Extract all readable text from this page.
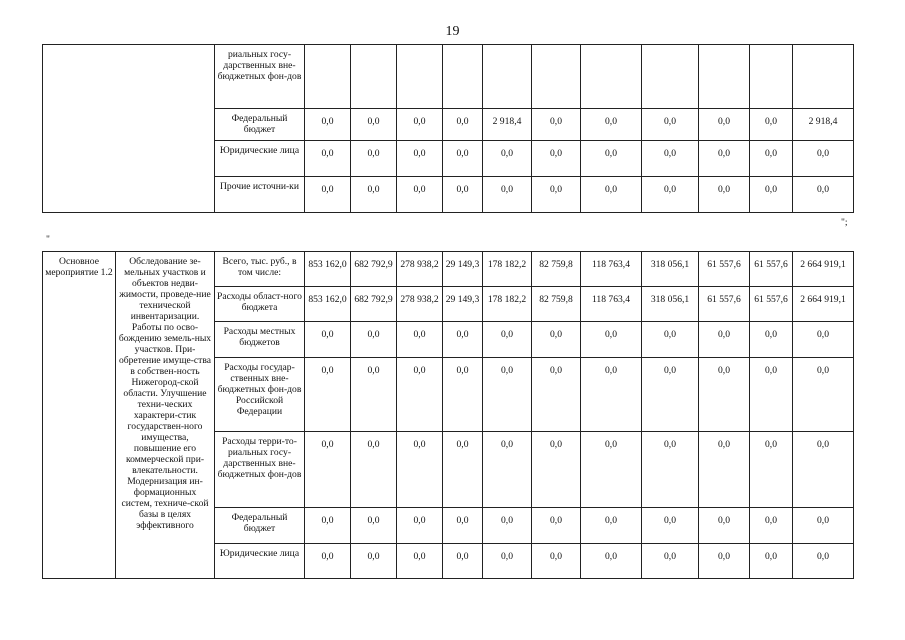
19
	риальных госу-дарственных вне-бюджетных фон-дов											
	Федеральный бюджет	0,0	0,0	0,0	0,0	2 918,4	0,0	0,0	0,0	0,0	0,0	2 918,4
	Юридические лица	0,0	0,0	0,0	0,0	0,0	0,0	0,0	0,0	0,0	0,0	0,0
	Прочие источни-ки	0,0	0,0	0,0	0,0	0,0	0,0	0,0	0,0	0,0	0,0	0,0
";
"
Основное мероприятие 1.2	Обследование зе-мельных участков и объектов недви-жимости, проведе-ние технической инвентаризации. Работы по осво-бождению земель-ных участков. При-обретение имуще-ства в собствен-ность Нижегород-ской области. Улучшение техни-ческих характери-стик государствен-ного имущества, повышение его коммерческой при-влекательности. Модернизация ин-формационных систем, техниче-ской базы в целях эффективного	Всего, тыс. руб., в том числе:	853 162,0	682 792,9	278 938,2	29 149,3	178 182,2	82 759,8	118 763,4	318 056,1	61 557,6	61 557,6	2 664 919,1
		Расходы област-ного бюджета	853 162,0	682 792,9	278 938,2	29 149,3	178 182,2	82 759,8	118 763,4	318 056,1	61 557,6	61 557,6	2 664 919,1
		Расходы местных бюджетов	0,0	0,0	0,0	0,0	0,0	0,0	0,0	0,0	0,0	0,0	0,0
		Расходы государ-ственных вне-бюджетных фон-дов Российской Федерации	0,0	0,0	0,0	0,0	0,0	0,0	0,0	0,0	0,0	0,0	0,0
		Расходы терри-то-риальных госу-дарственных вне-бюджетных фон-дов	0,0	0,0	0,0	0,0	0,0	0,0	0,0	0,0	0,0	0,0	0,0
		Федеральный бюджет	0,0	0,0	0,0	0,0	0,0	0,0	0,0	0,0	0,0	0,0	0,0
		Юридические лица	0,0	0,0	0,0	0,0	0,0	0,0	0,0	0,0	0,0	0,0	0,0
